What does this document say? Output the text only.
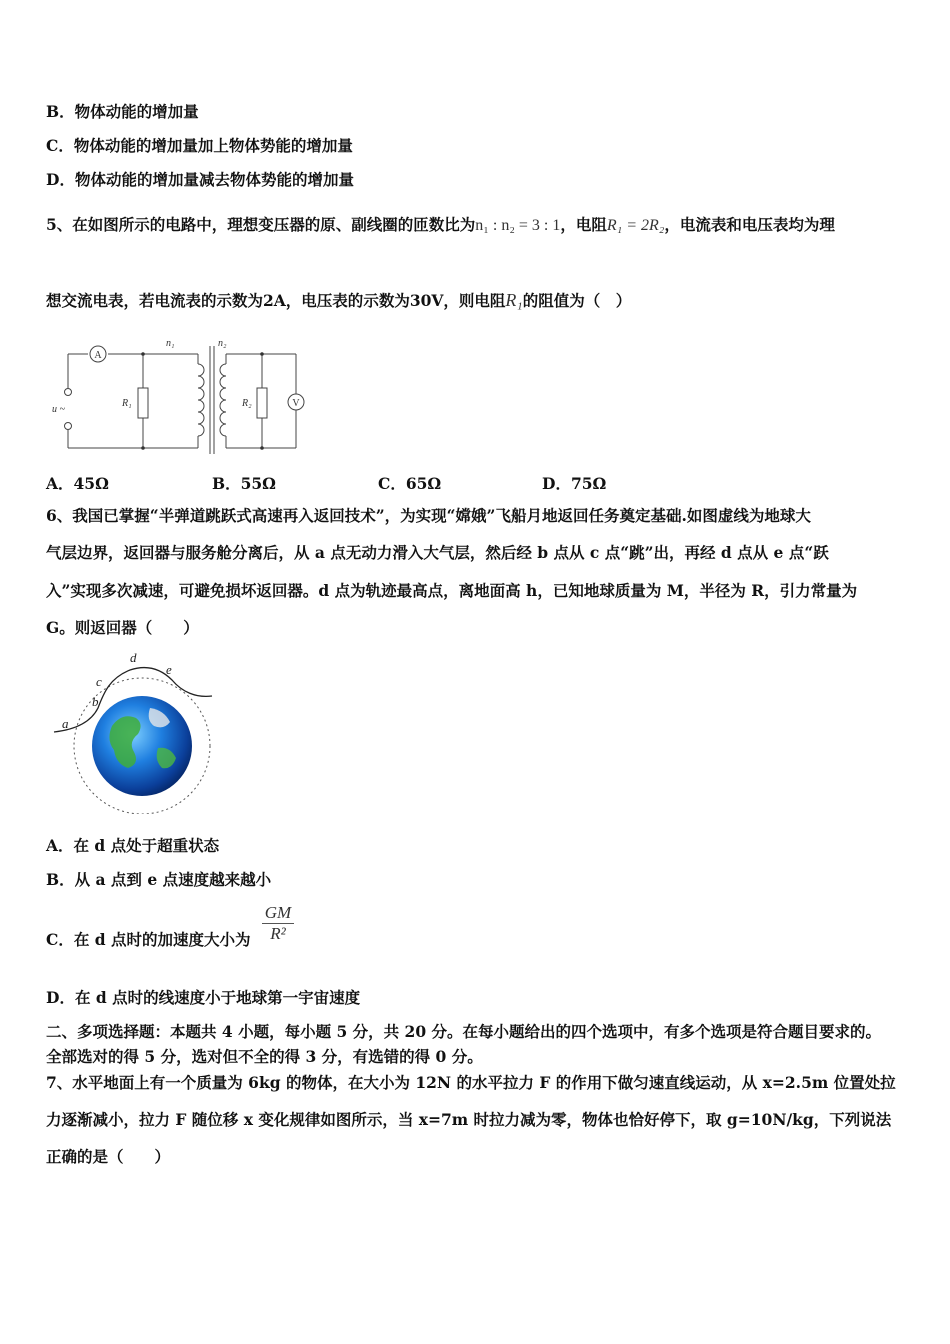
B．物体动能的增加量
C．物体动能的增加量加上物体势能的增加量
D．物体动能的增加量减去物体势能的增加量
5、在如图所示的电路中，理想变压器的原、副线圈的匝数比为n₁ : n₂ = 3 : 1，电阻R₁ = 2R₂，电流表和电压表均为理
想交流电表，若电流表的示数为2A，电压表的示数为30V，则电阻R₁的阻值为（　）
A
V
n₁	n₂
R₁	R₂
u ~
A．45Ω	B．55Ω	C．65Ω	D．75Ω
6、我国已掌握“半弹道跳跃式高速再入返回技术”，为实现“嫦娥”飞船月地返回任务奠定基础.如图虚线为地球大
气层边界，返回器与服务舱分离后，从 a 点无动力滑入大气层，然后经 b 点从 c 点“跳”出，再经 d 点从 e 点“跃
入”实现多次减速，可避免损坏返回器。d 点为轨迹最高点，离地面高 h，已知地球质量为 M，半径为 R，引力常量为
G。则返回器（　　）
a
b
c
d
e
A．在 d 点处于超重状态
B．从 a 点到 e 点速度越来越小
C．在 d 点时的加速度大小为
GM
R²
D．在 d 点时的线速度小于地球第一宇宙速度
二、多项选择题：本题共 4 小题，每小题 5 分，共 20 分。在每小题给出的四个选项中，有多个选项是符合题目要求的。
全部选对的得 5 分，选对但不全的得 3 分，有选错的得 0 分。
7、水平地面上有一个质量为 6kg 的物体，在大小为 12N 的水平拉力 F 的作用下做匀速直线运动，从 x=2.5m 位置处拉
力逐渐减小，拉力 F 随位移 x 变化规律如图所示，当 x=7m 时拉力减为零，物体也恰好停下，取 g=10N/kg，下列说法
正确的是（　　）
